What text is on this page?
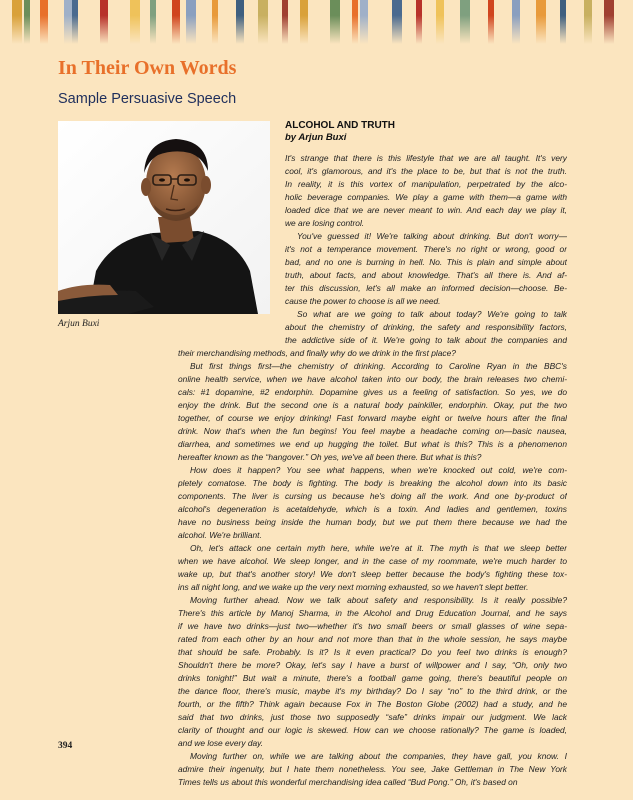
In Their Own Words
Sample Persuasive Speech
Arjun Buxi
ALCOHOL AND TRUTH
by Arjun Buxi

It's strange that there is this lifestyle that we are all taught. It's very

cool, it's glamorous, and it's the place to be, but that is not the truth.

In reality, it is this vortex of manipulation, perpetrated by the alco-

holic beverage companies. We play a game with them—a game with

loaded dice that we are never meant to win. And each day we play it,

we are losing control.

You've guessed it! We're talking about drinking. But don't worry—

it's not a temperance movement. There's no right or wrong, good or

bad, and no one is burning in hell. No. This is plain and simple about

truth, about facts, and about knowledge. That's all there is. And af-

ter this discussion, let's all make an informed decision—choose. Be-

cause the power to choose is all we need.

So what are we going to talk about today? We're going to talk

about the chemistry of drinking, the safety and responsibility factors,

the addictive side of it. We're going to talk about the companies and

their merchandising methods, and finally why do we drink in the first place?

But first things first—the chemistry of drinking. According to Caroline Ryan in the BBC's

online health service, when we have alcohol taken into our body, the brain releases two chemi-

cals: #1 dopamine, #2 endorphin. Dopamine gives us a feeling of satisfaction. So yes, we do

enjoy the drink. But the second one is a natural body painkiller, endorphin. Okay, put the two

together, of course we enjoy drinking! Fast forward maybe eight or twelve hours after the final

drink. Now that's when the fun begins! You feel maybe a headache coming on—basic nausea,

diarrhea, and sometimes we end up hugging the toilet. But what is this? This is a phenomenon

hereafter known as the “hangover.” Oh yes, we've all been there. But what is this?

How does it happen? You see what happens, when we're knocked out cold, we're com-

pletely comatose. The body is fighting. The body is breaking the alcohol down into its basic

components. The liver is cursing us because he's doing all the work. And one by-product of

alcohol's degeneration is acetaldehyde, which is a toxin. And ladies and gentlemen, toxins

have no business being inside the human body, but we put them there because we had the

alcohol. We're brilliant.

Oh, let's attack one certain myth here, while we're at it. The myth is that we sleep better

when we have alcohol. We sleep longer, and in the case of my roommate, we're much harder to

wake up, but that's another story! We don't sleep better because the body's fighting these tox-

ins all night long, and we wake up the very next morning exhausted, so we haven't slept better.

Moving further ahead. Now we talk about safety and responsibility. Is it really possible?

There's this article by Manoj Sharma, in the Alcohol and Drug Education Journal, and he says

if we have two drinks—just two—whether it's two small beers or small glasses of wine sepa-

rated from each other by an hour and not more than that in the whole session, he says maybe

that should be safe. Probably. Is it? Is it even practical? Do you feel two drinks is enough?

Shouldn't there be more? Okay, let's say I have a burst of willpower and I say, “Oh, only two

drinks tonight!” But wait a minute, there's a football game going, there's beautiful people on

the dance floor, there's music, maybe it's my birthday? Do I say “no” to the third drink, or the

fourth, or the fifth? Think again because Fox in The Boston Globe (2002) had a study, and he

said that two drinks, just those two supposedly “safe” drinks impair our judgment. We lack

clarity of thought and our logic is skewed. How can we choose rationally? The game is loaded,

and we lose every day.

Moving further on, while we are talking about the companies, they have gall, you know. I

admire their ingenuity, but I hate them nonetheless. You see, Jake Gettleman in The New York

Times tells us about this wonderful merchandising idea called “Bud Pong.” Oh, it's based on

394
